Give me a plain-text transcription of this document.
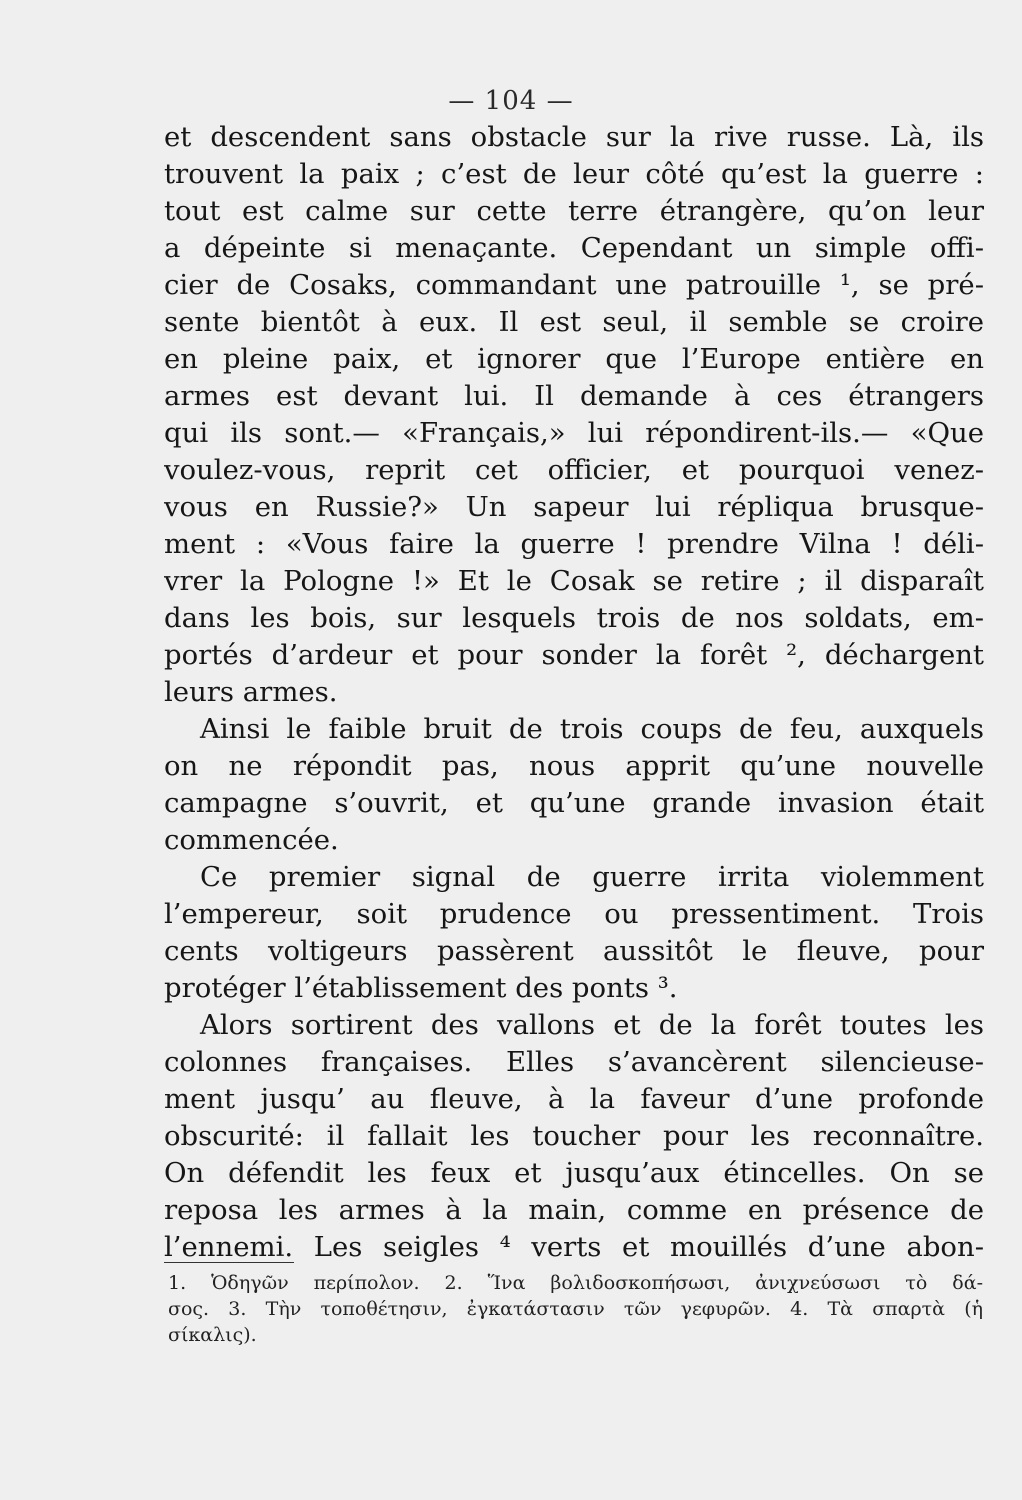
— 104 —
et descendent sans obstacle sur la rive russe. Là, ils
trouvent la paix ; c’est de leur côté qu’est la guerre :
tout est calme sur cette terre étrangère, qu’on leur
a dépeinte si menaçante. Cependant un simple offi-
cier de Cosaks, commandant une patrouille ¹, se pré-
sente bientôt à eux. Il est seul, il semble se croire
en pleine paix, et ignorer que l’Europe entière en
armes est devant lui. Il demande à ces étrangers
qui ils sont.— «Français,» lui répondirent-ils.— «Que
voulez-vous, reprit cet officier, et pourquoi venez-
vous en Russie?» Un sapeur lui répliqua brusque-
ment : «Vous faire la guerre ! prendre Vilna ! déli-
vrer la Pologne !» Et le Cosak se retire ; il disparaît
dans les bois, sur lesquels trois de nos soldats, em-
portés d’ardeur et pour sonder la forêt ², déchargent
leurs armes.
Ainsi le faible bruit de trois coups de feu, auxquels
on ne répondit pas, nous apprit qu’une nouvelle
campagne s’ouvrit, et qu’une grande invasion était
commencée.
Ce premier signal de guerre irrita violemment
l’empereur, soit prudence ou pressentiment. Trois
cents voltigeurs passèrent aussitôt le fleuve, pour
protéger l’établissement des ponts ³.
Alors sortirent des vallons et de la forêt toutes les
colonnes françaises. Elles s’avancèrent silencieuse-
ment jusqu’ au fleuve, à la faveur d’une profonde
obscurité: il fallait les toucher pour les reconnaître.
On défendit les feux et jusqu’aux étincelles. On se
reposa les armes à la main, comme en présence de
l’ennemi. Les seigles ⁴ verts et mouillés d’une abon-
1. Ὁδηγῶν περίπολον. 2. Ἵνα βολιδοσκοπήσωσι, ἀνιχνεύσωσι τὸ δά-
σος. 3. Τὴν τοποθέτησιν, ἐγκατάστασιν τῶν γεφυρῶν. 4. Τὰ σπαρτὰ (ἡ
σίκαλις).
